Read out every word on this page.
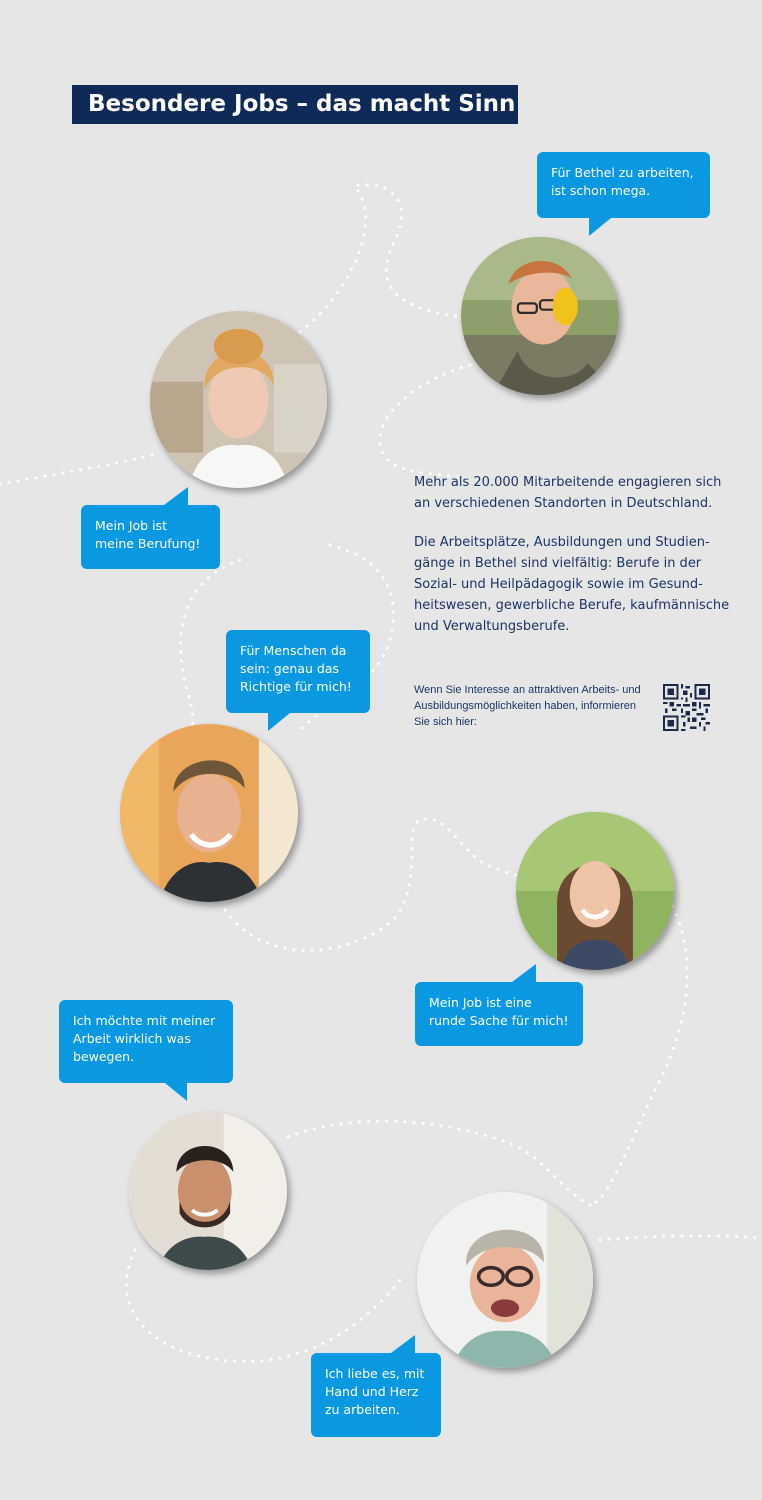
Besondere Jobs – das macht Sinn
Für Bethel zu arbeiten,
ist schon mega.
Mein Job ist
meine Berufung!

Mehr als 20.000 Mitarbeitende engagieren sich
an verschiedenen Standorten in Deutschland.

Die Arbeitsplätze, Ausbildungen und Studien-
gänge in Bethel sind vielfältig: Berufe in der
Sozial- und Heilpädagogik sowie im Gesund-
heitswesen, gewerbliche Berufe, kaufmännische
und Verwaltungsberufe.

Wenn Sie Interesse an attraktiven Arbeits- und
Ausbildungsmöglichkeiten haben, informieren
Sie sich hier:
Für Menschen da
sein: genau das
Richtige für mich!
Mein Job ist eine
runde Sache für mich!
Ich möchte mit meiner
Arbeit wirklich was
bewegen.
Ich liebe es, mit
Hand und Herz
zu arbeiten.
